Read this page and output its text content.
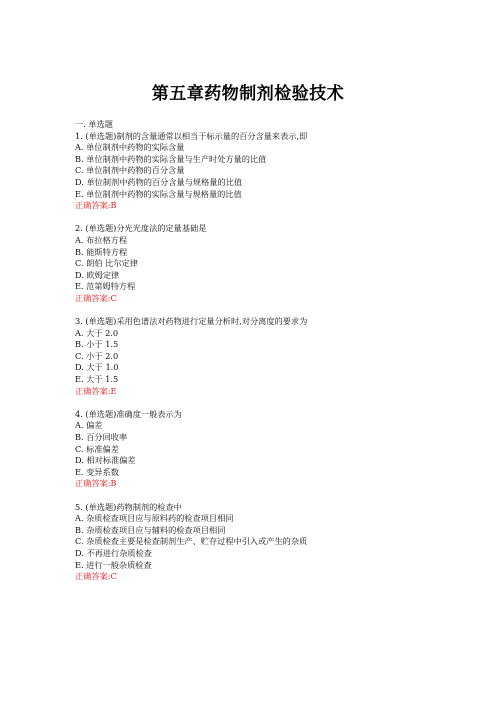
第五章药物制剂检验技术
一. 单选题
1. (单选题)制剂的含量通常以相当于标示量的百分含量来表示,即
A. 单位制剂中药物的实际含量
B. 单位制剂中药物的实际含量与生产时处方量的比值
C. 单位制剂中药物的百分含量
D. 单位制剂中药物的百分含量与规格量的比值
E. 单位制剂中药物的实际含量与规格量的比值
正确答案:B
2. (单选题)分光光度法的定量基础是
A. 布拉格方程
B. 能斯特方程
C. 朗伯 比尔定律
D. 欧姆定律
E. 范第姆特方程
正确答案:C
3. (单选题)采用色谱法对药物进行定量分析时,对分离度的要求为
A. 大于 2.0
B. 小于 1.5
C. 小于 2.0
D. 大于 1.0
E. 大于 1.5
正确答案:E
4. (单选题)准确度一般表示为
A. 偏差
B. 百分回收率
C. 标准偏差
D. 相对标准偏差
E. 变异系数
正确答案:B
5. (单选题)药物制剂的检查中
A. 杂质检查项目应与原料药的检查项目相同
B. 杂质检查项目应与辅料的检查项目相同
C. 杂质检查主要是检查制剂生产、贮存过程中引入或产生的杂质
D. 不再进行杂质检查
E. 进行一般杂质检查
正确答案:C
